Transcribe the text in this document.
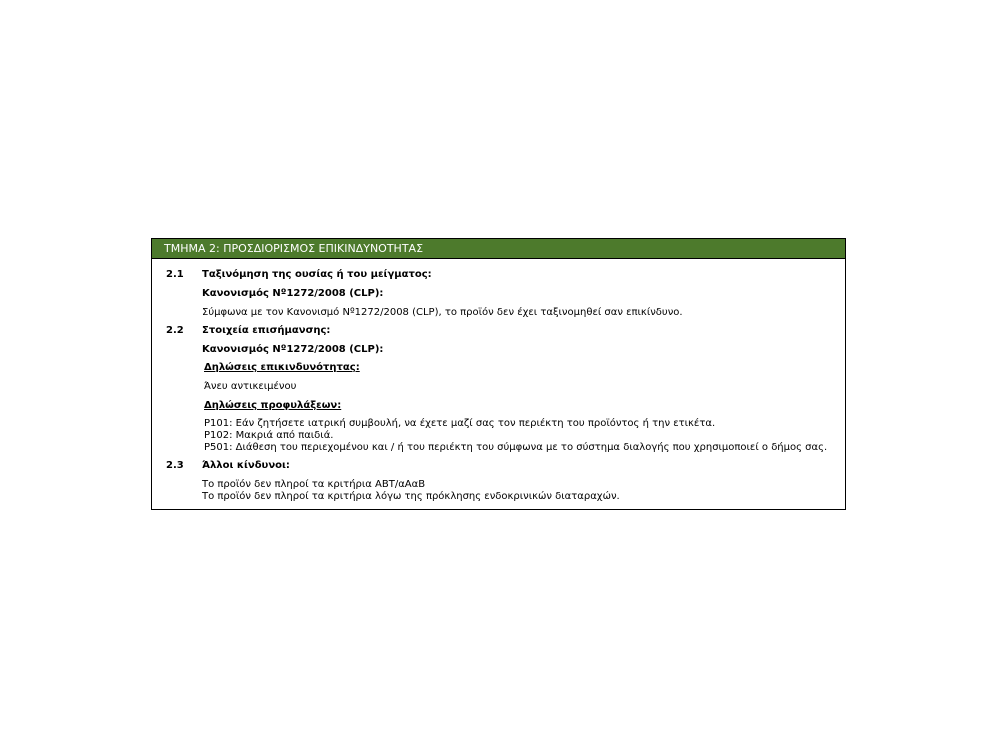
ΤΜΗΜΑ 2: ΠΡΟΣΔΙΟΡΙΣΜΟΣ ΕΠΙΚΙΝΔΥΝΟΤΗΤΑΣ
2.1 Ταξινόμηση της ουσίας ή του μείγματος:
Κανονισμός Nº1272/2008 (CLP):
Σύμφωνα με τον Κανονισμό Nº1272/2008 (CLP), το προϊόν δεν έχει ταξινομηθεί σαν επικίνδυνο.
2.2 Στοιχεία επισήμανσης:
Κανονισμός Nº1272/2008 (CLP):
Δηλώσεις επικινδυνότητας:
Άνευ αντικειμένου
Δηλώσεις προφυλάξεων:
P101: Εάν ζητήσετε ιατρική συμβουλή, να έχετε μαζί σας τον περιέκτη του προϊόντος ή την ετικέτα.
P102: Μακριά από παιδιά.
P501: Διάθεση του περιεχομένου και / ή του περιέκτη του σύμφωνα με το σύστημα διαλογής που χρησιμοποιεί ο δήμος σας.
2.3 Άλλοι κίνδυνοι:
Το προϊόν δεν πληροί τα κριτήρια ΑΒΤ/αΑαΒ
Το προϊόν δεν πληροί τα κριτήρια λόγω της πρόκλησης ενδοκρινικών διαταραχών.
